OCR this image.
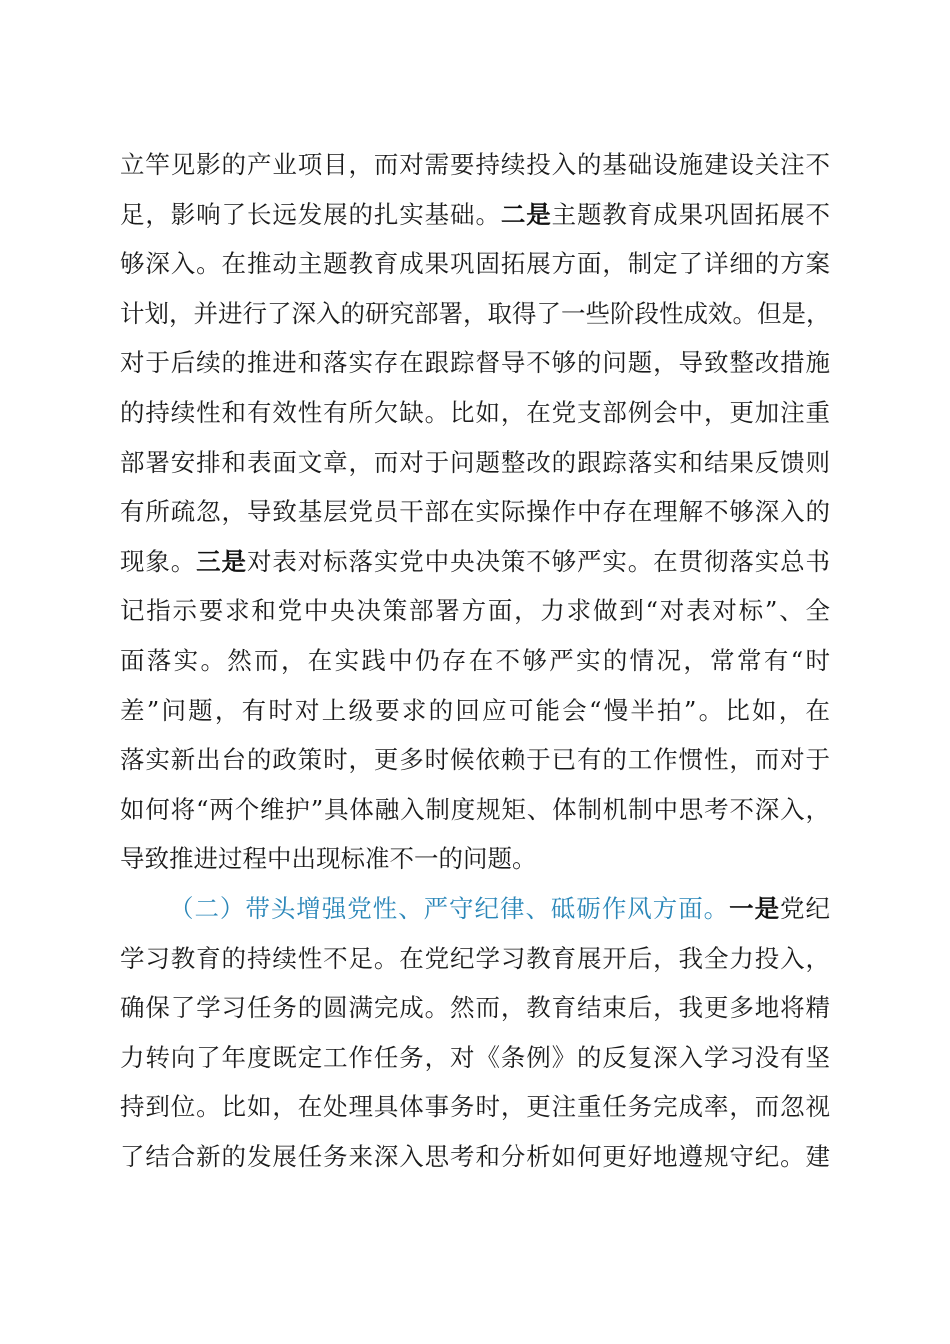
立竿见影的产业项目，而对需要持续投入的基础设施建设关注不
足，影响了长远发展的扎实基础。二是主题教育成果巩固拓展不
够深入。在推动主题教育成果巩固拓展方面，制定了详细的方案
计划，并进行了深入的研究部署，取得了一些阶段性成效。但是，
对于后续的推进和落实存在跟踪督导不够的问题，导致整改措施
的持续性和有效性有所欠缺。比如，在党支部例会中，更加注重
部署安排和表面文章，而对于问题整改的跟踪落实和结果反馈则
有所疏忽，导致基层党员干部在实际操作中存在理解不够深入的
现象。三是对表对标落实党中央决策不够严实。在贯彻落实总书
记指示要求和党中央决策部署方面，力求做到“对表对标”、全
面落实。然而，在实践中仍存在不够严实的情况，常常有“时
差”问题，有时对上级要求的回应可能会“慢半拍”。比如，在
落实新出台的政策时，更多时候依赖于已有的工作惯性，而对于
如何将“两个维护”具体融入制度规矩、体制机制中思考不深入，
导致推进过程中出现标准不一的问题。
（二）带头增强党性、严守纪律、砥砺作风方面。一是党纪
学习教育的持续性不足。在党纪学习教育展开后，我全力投入，
确保了学习任务的圆满完成。然而，教育结束后，我更多地将精
力转向了年度既定工作任务，对《条例》的反复深入学习没有坚
持到位。比如，在处理具体事务时，更注重任务完成率，而忽视
了结合新的发展任务来深入思考和分析如何更好地遵规守纪。建
